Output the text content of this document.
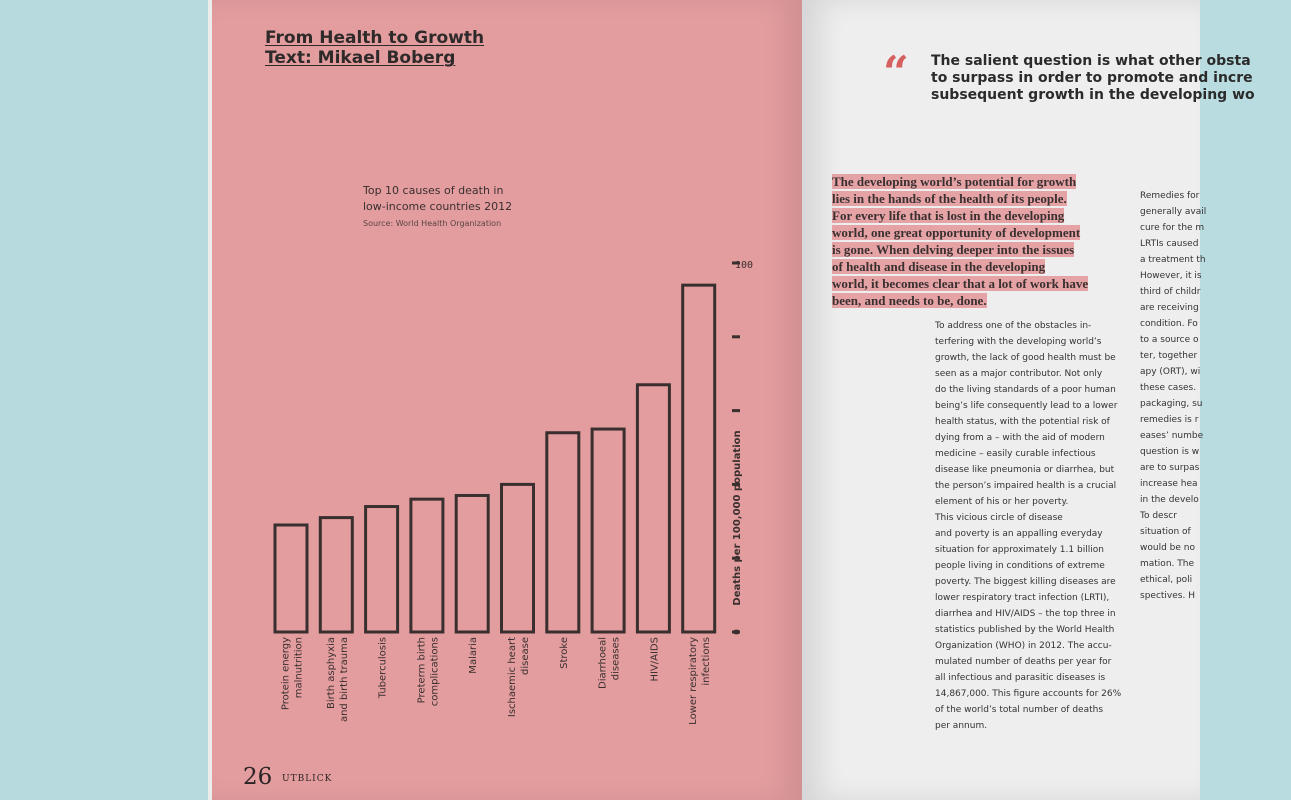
From Health to Growth
Text: Mikael Boberg
Top 10 causes of death in
low-income countries 2012
Source: World Health Organization
0
100
Deaths per 100,000 population
Protein energy malnutrition Birth asphyxia and birth trauma	Tuberculosis	Preterm birth complications	Malaria	Ischaemic heart disease	Stroke	Diarrhoeal diseases	HIV/AIDS	Lower respiratory infections
26 UTBLICK
“ The salient question is what other obsta
to surpass in order to promote and incre
subsequent growth in the developing wo
The developing world’s potential for growth
lies in the hands of the health of its people.
For every life that is lost in the developing
world, one great opportunity of development
is gone. When delving deeper into the issues
of health and disease in the developing
world, it becomes clear that a lot of work have
been, and needs to be, done.

To address one of the obstacles in-
terfering with the developing world’s
growth, the lack of good health must be
seen as a major contributor. Not only
do the living standards of a poor human
being’s life consequently lead to a lower
health status, with the potential risk of
dying from a – with the aid of modern
medicine – easily curable infectious
disease like pneumonia or diarrhea, but
the person’s impaired health is a crucial
element of his or her poverty.
This vicious circle of disease
and poverty is an appalling everyday
situation for approximately 1.1 billion
people living in conditions of extreme
poverty. The biggest killing diseases are
lower respiratory tract infection (LRTI),
diarrhea and HIV/AIDS – the top three in
statistics published by the World Health
Organization (WHO) in 2012. The accu-
mulated number of deaths per year for
all infectious and parasitic diseases is
14,867,000. This figure accounts for 26%
of the world’s total number of deaths
per annum.
Remedies for
generally avail
cure for the m
LRTIs caused
a treatment th
However, it is
third of childr
are receiving
condition. Fo
to a source o
ter, together
apy (ORT), wi
these cases.
packaging, su
remedies is r
eases’ numbe
question is w
are to surpas
increase hea
in the develo
To descr
situation of
would be no
mation. The
ethical, poli
spectives. H
